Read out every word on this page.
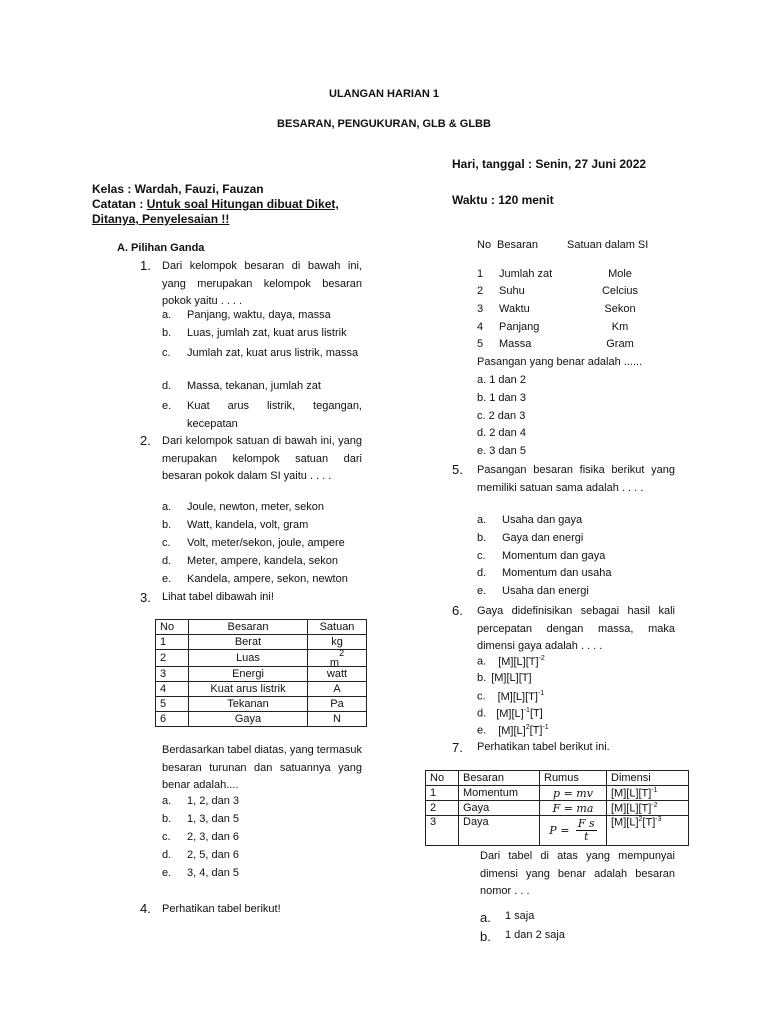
ULANGAN HARIAN 1
BESARAN, PENGUKURAN, GLB & GLBB
Hari, tanggal : Senin, 27 Juni 2022
Waktu : 120 menit
Kelas : Wardah, Fauzi, Fauzan
Catatan : Untuk soal Hitungan dibuat Diket, Ditanya, Penyelesaian !!
A. Pilihan Ganda
1. Dari kelompok besaran di bawah ini, yang merupakan kelompok besaran pokok yaitu . . . .
a. Panjang, waktu, daya, massa
b. Luas, jumlah zat, kuat arus listrik
c. Jumlah zat, kuat arus listrik, massa
d. Massa, tekanan, jumlah zat
e. Kuat arus listrik, tegangan, kecepatan
2. Dari kelompok satuan di bawah ini, yang merupakan kelompok satuan dari besaran pokok dalam SI yaitu . . . .
a. Joule, newton, meter, sekon
b. Watt, kandela, volt, gram
c. Volt, meter/sekon, joule, ampere
d. Meter, ampere, kandela, sekon
e. Kandela, ampere, sekon, newton
3. Lihat tabel dibawah ini!
No	Besaran	Satuan
1	Berat	kg
2	Luas	$m^2$
3	Energi	watt
4	Kuat arus listrik	A
5	Tekanan	Pa
6	Gaya	N
Berdasarkan tabel diatas, yang termasuk besaran turunan dan satuannya yang benar adalah....
a. 1, 2, dan 3
b. 1, 3, dan 5
c. 2, 3, dan 6
d. 2, 5, dan 6
e. 3, 4, dan 5
4. Perhatikan tabel berikut!
No Besaran	Satuan dalam SI
1 Jumlah zat	Mole
2 Suhu	Celcius
3 Waktu	Sekon
4 Panjang	Km
5 Massa	Gram
Pasangan yang benar adalah ......
a. 1 dan 2
b. 1 dan 3
c. 2 dan 3
d. 2 dan 4
e. 3 dan 5
5. Pasangan besaran fisika berikut yang memiliki satuan sama adalah . . . .
a. Usaha dan gaya
b. Gaya dan energi
c. Momentum dan gaya
d. Momentum dan usaha
e. Usaha dan energi
6. Gaya didefinisikan sebagai hasil kali percepatan dengan massa, maka dimensi gaya adalah . . . .
a. $[M][L][T]^{-2}$
b. [M][L][T]
c. $[M][L][T]^{-1}$
d. $[M][L]^{-1}[T]$
e. $[M][L]^2[T]^{-1}$
7. Perhatikan tabel berikut ini.
No	Besaran	Rumus	Dimensi
1	Momentum	p = mv	$[M][L][T]^{-1}$
2	Gaya	F = ma	$[M][L][T]^{-2}$
3	Daya	$P = \frac{\text{F s}}{t}$	$[M][L]^2[T]^{-3}$
Dari tabel di atas yang mempunyai dimensi yang benar adalah besaran nomor . . .
a. 1 saja
b. 1 dan 2 saja
